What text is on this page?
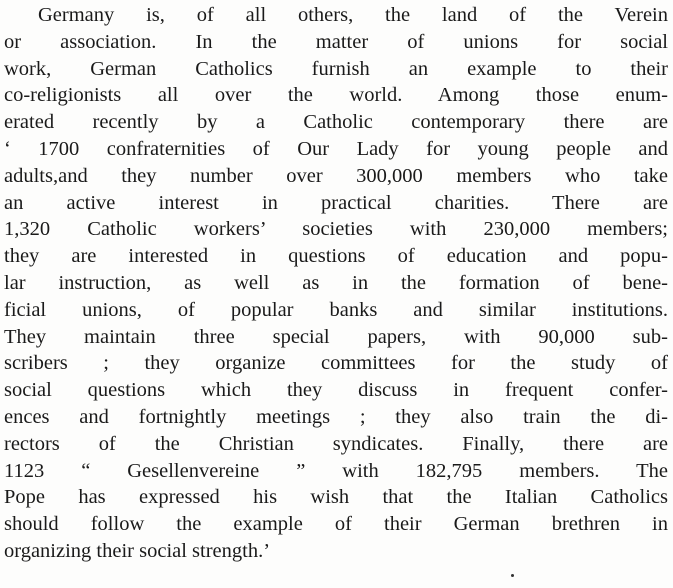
Germany is, of all others, the land of the Verein
or association. In the matter of unions for social
work, German Catholics furnish an example to their
co-religionists all over the world. Among those enum-
erated recently by a Catholic contemporary there are
‘ 1700 confraternities of Our Lady for young people and
adults,and they number over 300,000 members who take
an active interest in practical charities. There are
1,320 Catholic workers’ societies with 230,000 members;
they are interested in questions of education and popu-
lar instruction, as well as in the formation of bene-
ficial unions, of popular banks and similar institutions.
They maintain three special papers, with 90,000 sub-
scribers ; they organize committees for the study of
social questions which they discuss in frequent confer-
ences and fortnightly meetings ; they also train the di-
rectors of the Christian syndicates. Finally, there are
1123 “ Gesellenvereine ” with 182,795 members. The
Pope has expressed his wish that the Italian Catholics
should follow the example of their German brethren in
organizing their social strength.’
